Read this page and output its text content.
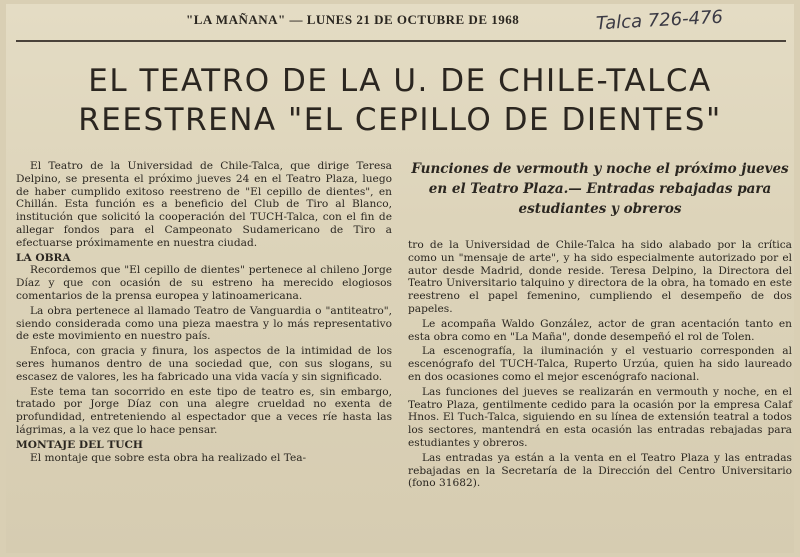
"LA MAÑANA" — LUNES 21 DE OCTUBRE DE 1968	Talca 726-476
EL TEATRO DE LA U. DE CHILE-TALCA
REESTRENA "EL CEPILLO DE DIENTES"

El Teatro de la Universidad de Chile-Talca, que dirige Teresa Delpino, se presenta el próximo jueves 24 en el Teatro Plaza, luego de haber cumplido exitoso reestreno de "El cepillo de dientes", en Chillán. Esta función es a beneficio del Club de Tiro al Blanco, institución que solicitó la cooperación del TUCH-Talca, con el fin de allegar fondos para el Campeonato Sudamericano de Tiro a efectuarse próximamente en nuestra ciudad.

LA OBRA

Recordemos que "El cepillo de dientes" pertenece al chileno Jorge Díaz y que con ocasión de su estreno ha merecido elogiosos comentarios de la prensa europea y latinoamericana.

La obra pertenece al llamado Teatro de Vanguardia o "antiteatro", siendo considerada como una pieza maestra y lo más representativo de este movimiento en nuestro país.

Enfoca, con gracia y finura, los aspectos de la intimidad de los seres humanos dentro de una sociedad que, con sus slogans, su escasez de valores, les ha fabricado una vida vacía y sin significado.

Este tema tan socorrido en este tipo de teatro es, sin embargo, tratado por Jorge Díaz con una alegre crueldad no exenta de profundidad, entreteniendo al espectador que a veces ríe hasta las lágrimas, a la vez que lo hace pensar.

MONTAJE DEL TUCH

El montaje que sobre esta obra ha realizado el Tea-

Funciones de vermouth y noche el próximo jueves en el Teatro Plaza.— Entradas rebajadas para estudiantes y obreros

tro de la Universidad de Chile-Talca ha sido alabado por la crítica como un "mensaje de arte", y ha sido especialmente autorizado por el autor desde Madrid, donde reside. Teresa Delpino, la Directora del Teatro Universitario talquino y directora de la obra, ha tomado en este reestreno el papel femenino, cumpliendo el desempeño de dos papeles.

Le acompaña Waldo González, actor de gran acentación tanto en esta obra como en "La Maña", donde desempeñó el rol de Tolen.

La escenografía, la iluminación y el vestuario corresponden al escenógrafo del TUCH-Talca, Ruperto Urzúa, quien ha sido laureado en dos ocasiones como el mejor escenógrafo nacional.

Las funciones del jueves se realizarán en vermouth y noche, en el Teatro Plaza, gentilmente cedido para la ocasión por la empresa Calaf Hnos. El Tuch-Talca, siguiendo en su línea de extensión teatral a todos los sectores, mantendrá en esta ocasión las entradas rebajadas para estudiantes y obreros.

Las entradas ya están a la venta en el Teatro Plaza y las entradas rebajadas en la Secretaría de la Dirección del Centro Universitario (fono 31682).
